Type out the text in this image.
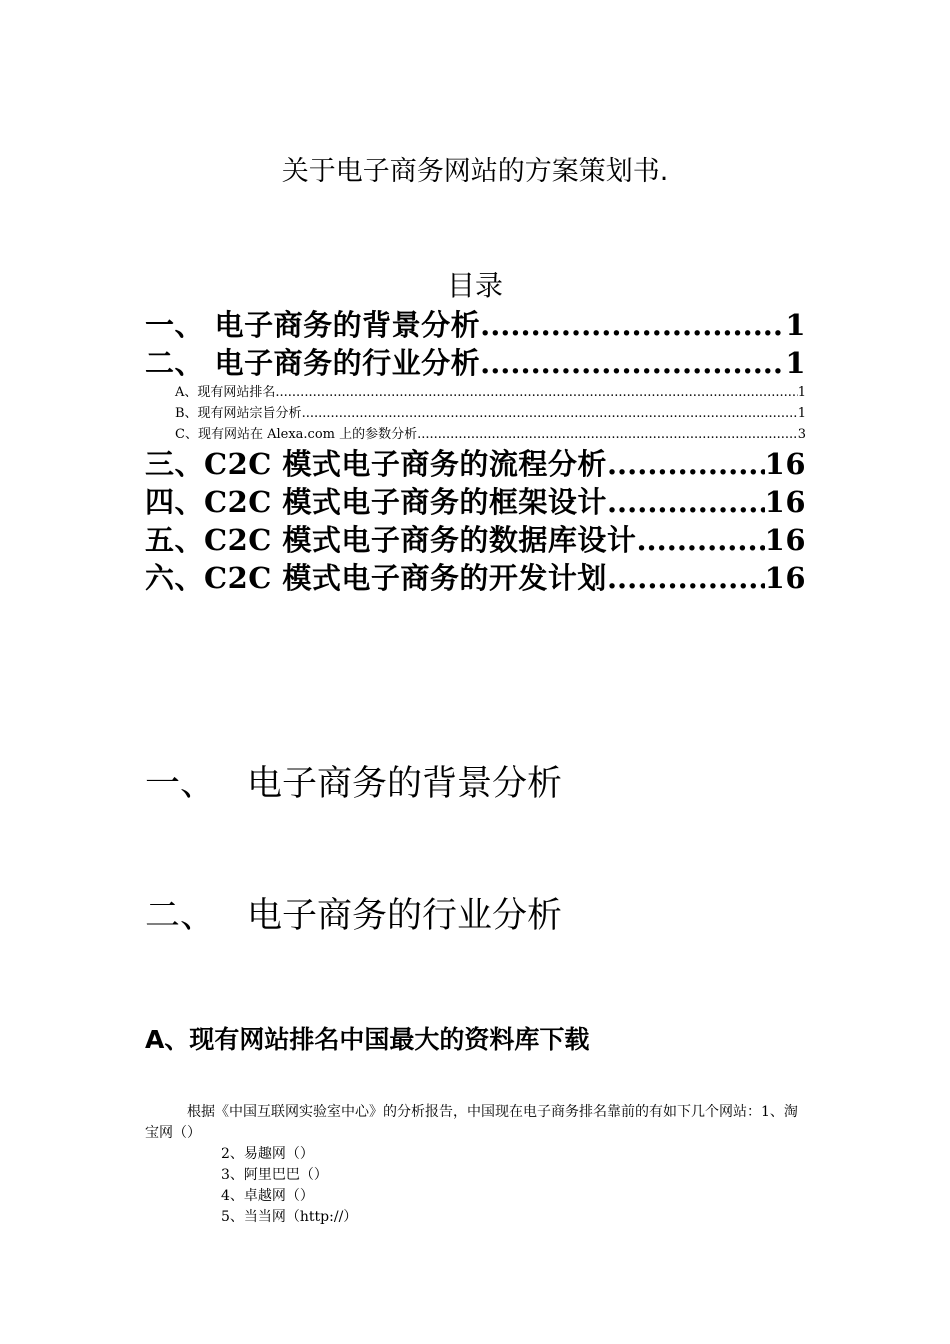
关于电子商务网站的方案策划书.
目录
一、 电子商务的背景分析 .....	1
二、 电子商务的行业分析 .....	1
A、现有网站排名 .....	1
B、现有网站宗旨分析 .....	1
C、现有网站在 Alexa.com 上的参数分析 .....	3
三、C2C 模式电子商务的流程分析 .....	16
四、C2C 模式电子商务的框架设计 .....	16
五、C2C 模式电子商务的数据库设计 .....	16
六、C2C 模式电子商务的开发计划 .....	16
一、 电子商务的背景分析
二、 电子商务的行业分析
A、现有网站排名中国最大的资料库下载
根据《中国互联网实验室中心》的分析报告，中国现在电子商务排名靠前的有如下几个网站：1、淘宝网（）
2、易趣网（）
3、阿里巴巴（）
4、卓越网（）
5、当当网（http://）
